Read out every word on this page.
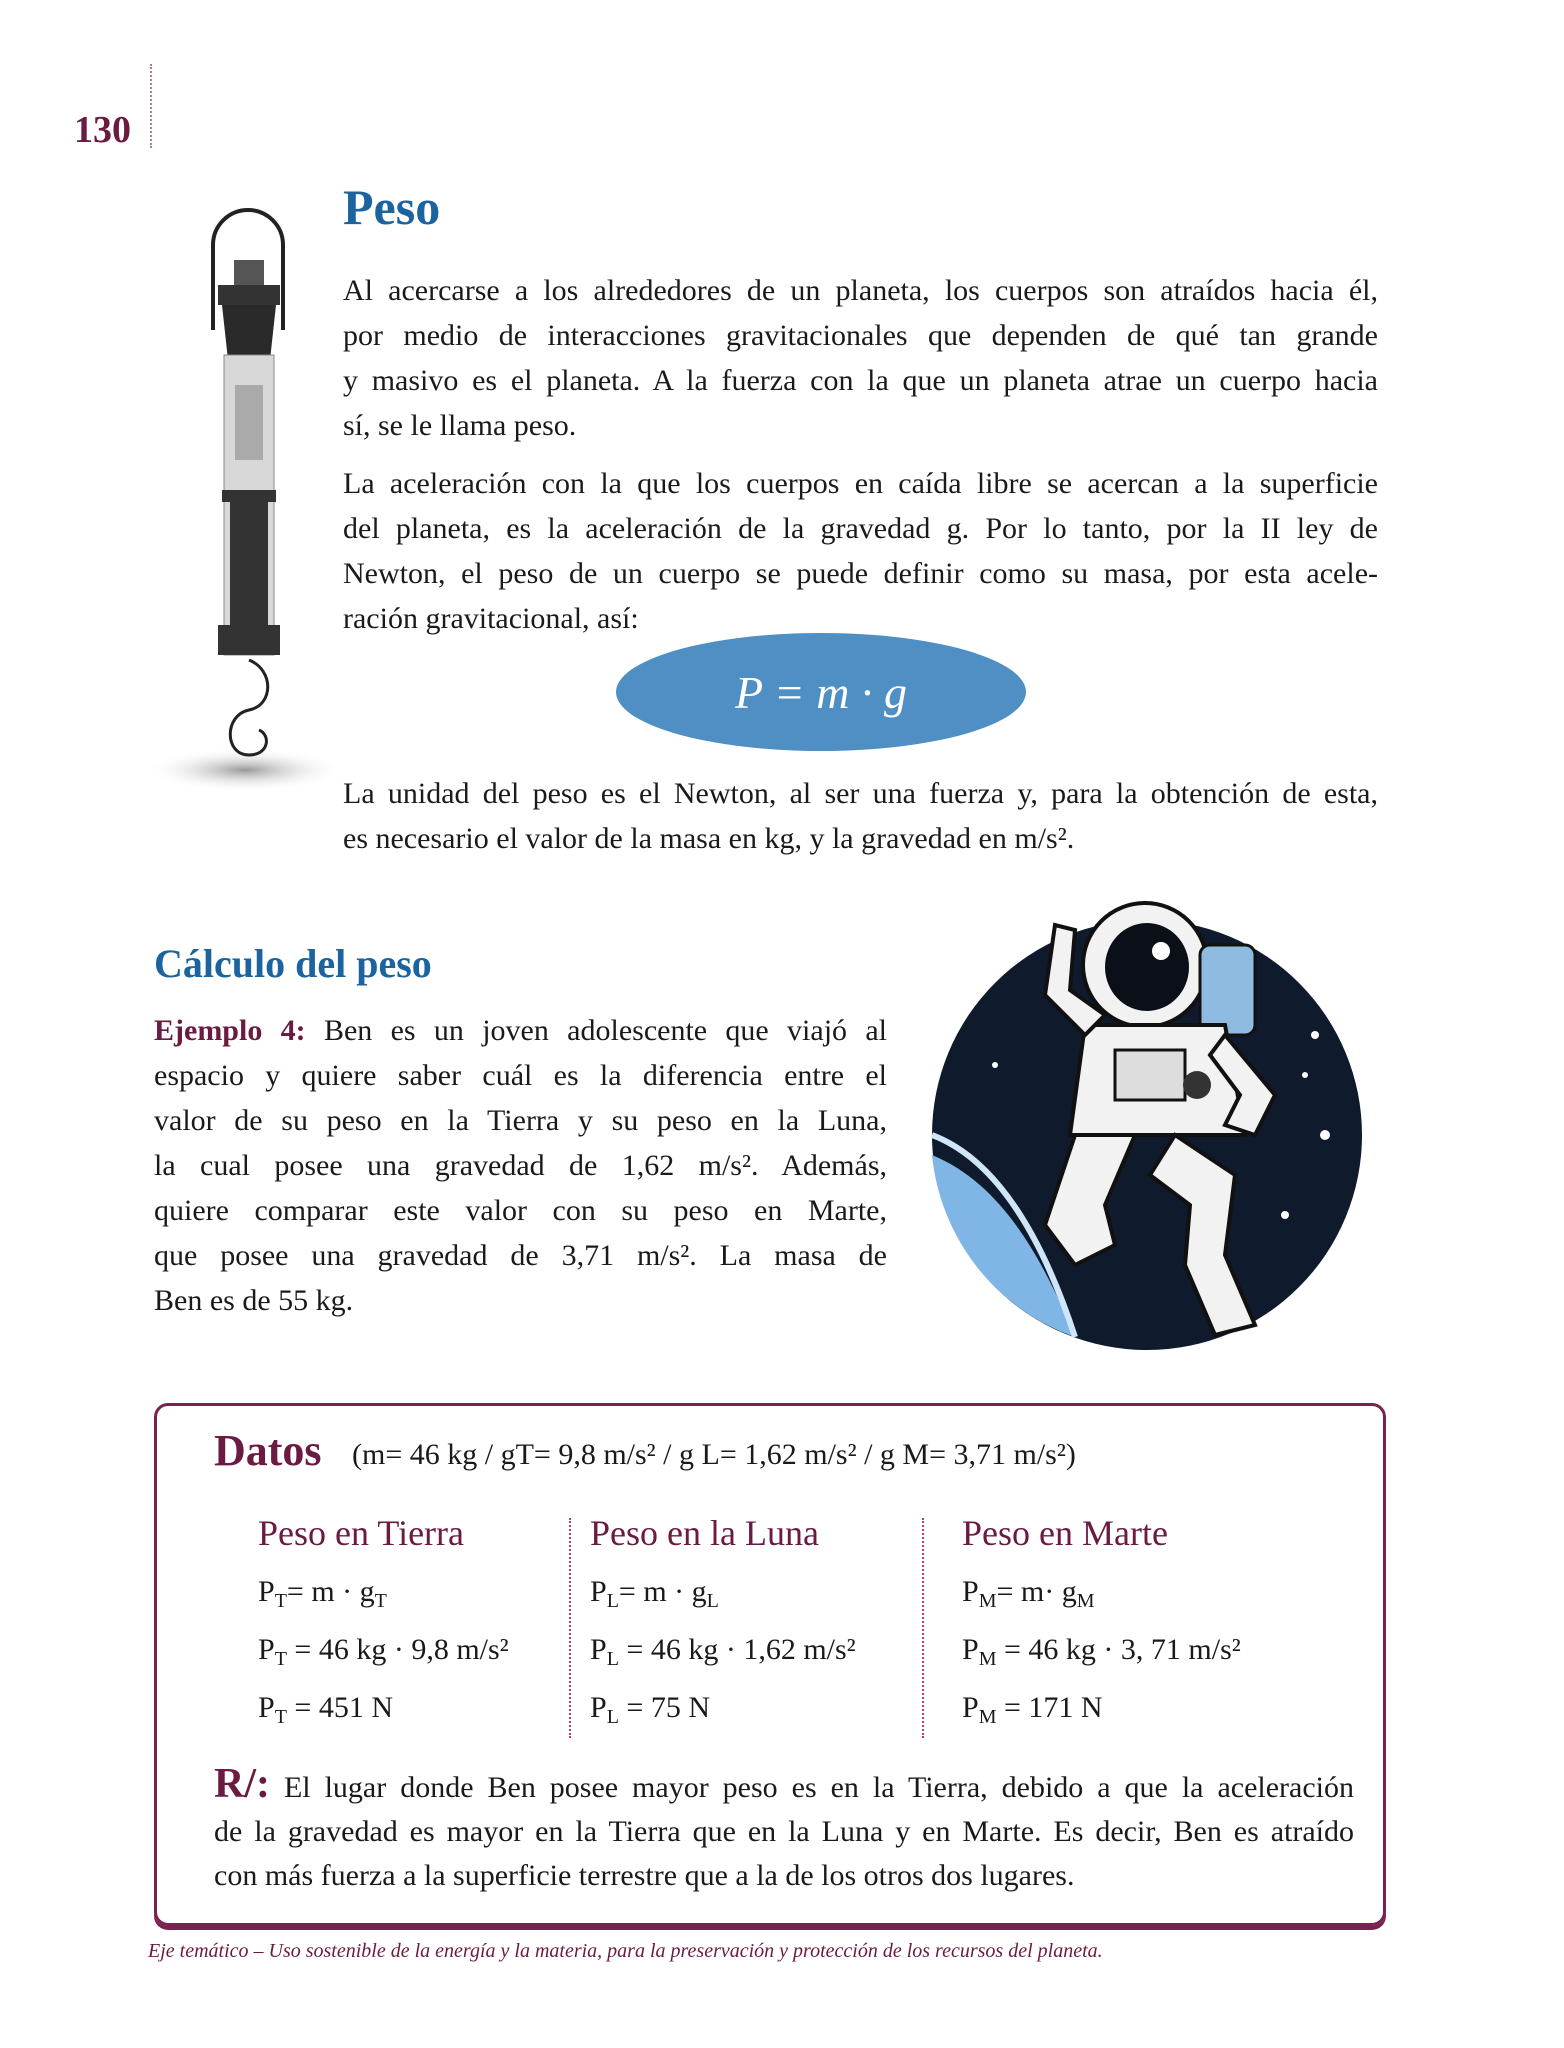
130
Peso
Al acercarse a los alrededores de un planeta, los cuerpos son atraídos hacia él,
por medio de interacciones gravitacionales que dependen de qué tan grande
y masivo es el planeta. A la fuerza con la que un planeta atrae un cuerpo hacia
sí, se le llama peso.
La aceleración con la que los cuerpos en caída libre se acercan a la superficie
del planeta, es la aceleración de la gravedad g. Por lo tanto, por la II ley de
Newton, el peso de un cuerpo se puede definir como su masa, por esta acele-
ración gravitacional, así:
P = m · g
La unidad del peso es el Newton, al ser una fuerza y, para la obtención de esta,
es necesario el valor de la masa en kg, y la gravedad en m/s².
Cálculo del peso
Ejemplo 4: Ben es un joven adolescente que viajó al
espacio y quiere saber cuál es la diferencia entre el
valor de su peso en la Tierra y su peso en la Luna,
la cual posee una gravedad de 1,62 m/s². Además,
quiere comparar este valor con su peso en Marte,
que posee una gravedad de 3,71 m/s². La masa de
Ben es de 55 kg.
Datos (m= 46 kg / gT= 9,8 m/s² / g L= 1,62 m/s² / g M= 3,71 m/s²)
Peso en Tierra
$P_T= m \cdot g_T$
$P_T = 46$ kg · 9,8 m/s²
$P_T = 451$ N
Peso en la Luna
$P_L= m \cdot g_L$
$P_L = 46$ kg · 1,62 m/s²
$P_L = 75$ N
Peso en Marte
$P_M= m\cdot g_M$
$P_M = 46$ kg · 3, 71 m/s²
$P_M = 171$ N
R/: El lugar donde Ben posee mayor peso es en la Tierra, debido a que la aceleración
de la gravedad es mayor en la Tierra que en la Luna y en Marte. Es decir, Ben es atraído
con más fuerza a la superficie terrestre que a la de los otros dos lugares.
Eje temático – Uso sostenible de la energía y la materia, para la preservación y protección de los recursos del planeta.
